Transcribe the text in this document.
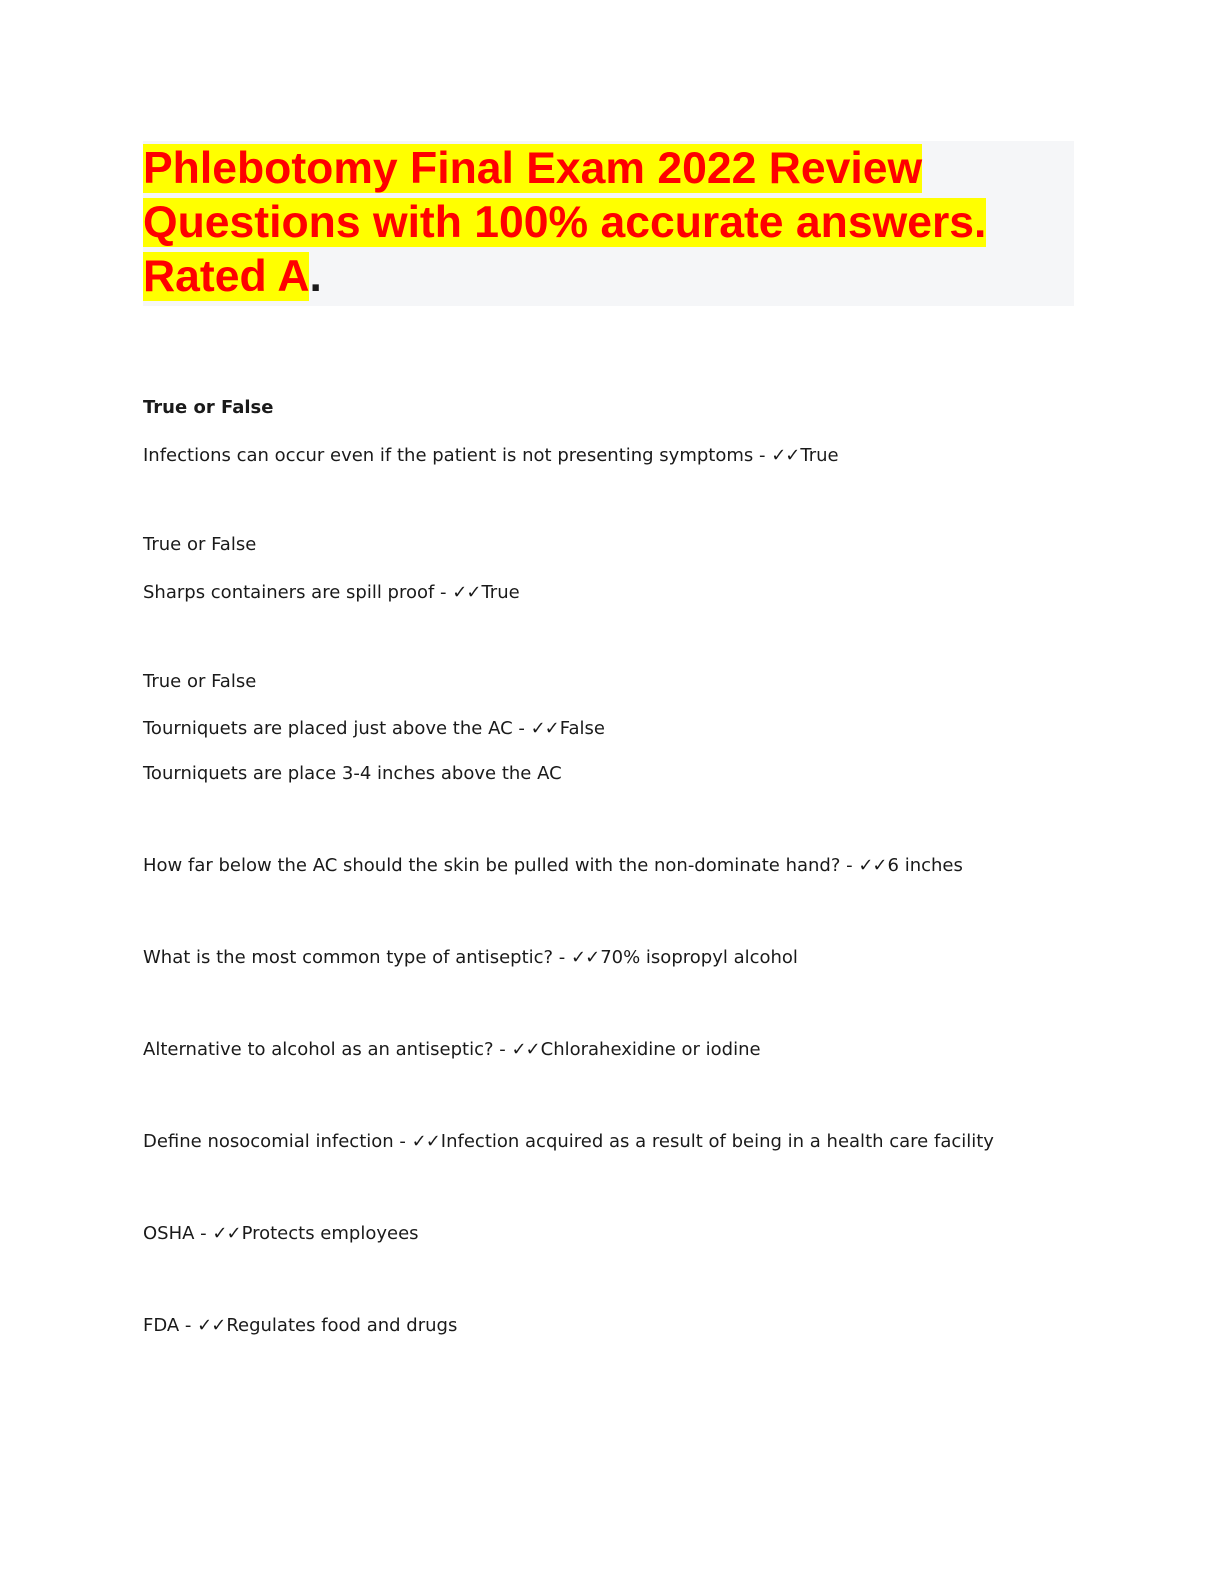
Phlebotomy Final Exam 2022 Review Questions with 100% accurate answers. Rated A.

True or False

Infections can occur even if the patient is not presenting symptoms - ✓✓True

True or False

Sharps containers are spill proof - ✓✓True

True or False

Tourniquets are placed just above the AC - ✓✓False

Tourniquets are place 3-4 inches above the AC

How far below the AC should the skin be pulled with the non-dominate hand? - ✓✓6 inches

What is the most common type of antiseptic? - ✓✓70% isopropyl alcohol

Alternative to alcohol as an antiseptic? - ✓✓Chlorahexidine or iodine

Define nosocomial infection - ✓✓Infection acquired as a result of being in a health care facility

OSHA - ✓✓Protects employees

FDA - ✓✓Regulates food and drugs
